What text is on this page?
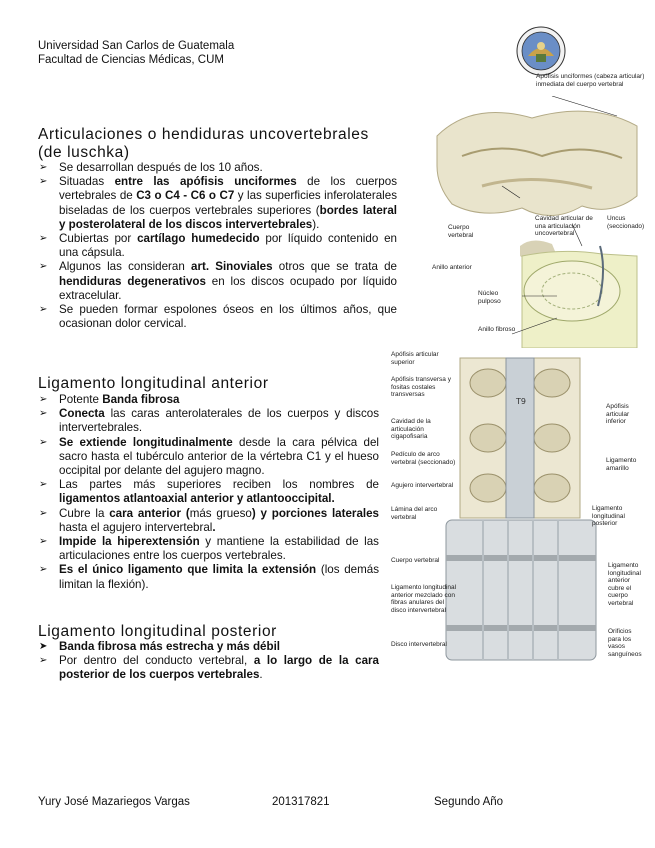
Universidad San Carlos de Guatemala
Facultad de Ciencias Médicas, CUM
Apófisis unciformes (cabeza articular) inmediata del cuerpo vertebral
Cuerpo vertebral
Cavidad articular de una articulación uncovertebral
Uncus (seccionado)
Anillo anterior
Núcleo pulposo
Anillo fibroso
T9
Apófisis articular superior
Apófisis transversa y fositas costales transversas
Cavidad de la articulación cigapofisaria
Pedículo de arco vertebral (seccionado)
Agujero intervertebral
Lámina del arco vertebral
Cuerpo vertebral
Ligamento longitudinal anterior mezclado con fibras anulares del disco intervertebral
Disco intervertebral
Apófisis articular inferior
Ligamento amarillo
Ligamento longitudinal posterior
Ligamento longitudinal anterior cubre el cuerpo vertebral
Orificios para los vasos sanguíneos
Articulaciones o hendiduras uncovertebrales
(de luschka)
➢ Se desarrollan después de los 10 años.
➢ Situadas entre las apófisis unciformes de los cuerpos vertebrales de C3 o C4 - C6 o C7 y las superficies inferolaterales biseladas de los cuerpos vertebrales superiores (bordes lateral y posterolateral de los discos intervertebrales).
➢ Cubiertas por cartílago humedecido por líquido contenido en una cápsula.
➢ Algunos las consideran art. Sinoviales otros que se trata de hendiduras degenerativos en los discos ocupado por líquido extracelular.
➢ Se pueden formar espolones óseos en los últimos años, que ocasionan dolor cervical.
Ligamento longitudinal anterior
➢ Potente Banda fibrosa
➢ Conecta las caras anterolaterales de los cuerpos y discos intervertebrales.
➢ Se extiende longitudinalmente desde la cara pélvica del sacro hasta el tubérculo anterior de la vértebra C1 y el hueso occipital por delante del agujero magno.
➢ Las partes más superiores reciben los nombres de ligamentos atlantoaxial anterior y atlantooccipital.
➢ Cubre la cara anterior (más grueso) y porciones laterales hasta el agujero intervertebral.
➢ Impide la hiperextensión y mantiene la estabilidad de las articulaciones entre los cuerpos vertebrales.
➢ Es el único ligamento que limita la extensión (los demás limitan la flexión).
Ligamento longitudinal posterior
➤ Banda fibrosa más estrecha y más débil
➢ Por dentro del conducto vertebral, a lo largo de la cara posterior de los cuerpos vertebrales.
Yury José Mazariegos Vargas	201317821	Segundo Año
